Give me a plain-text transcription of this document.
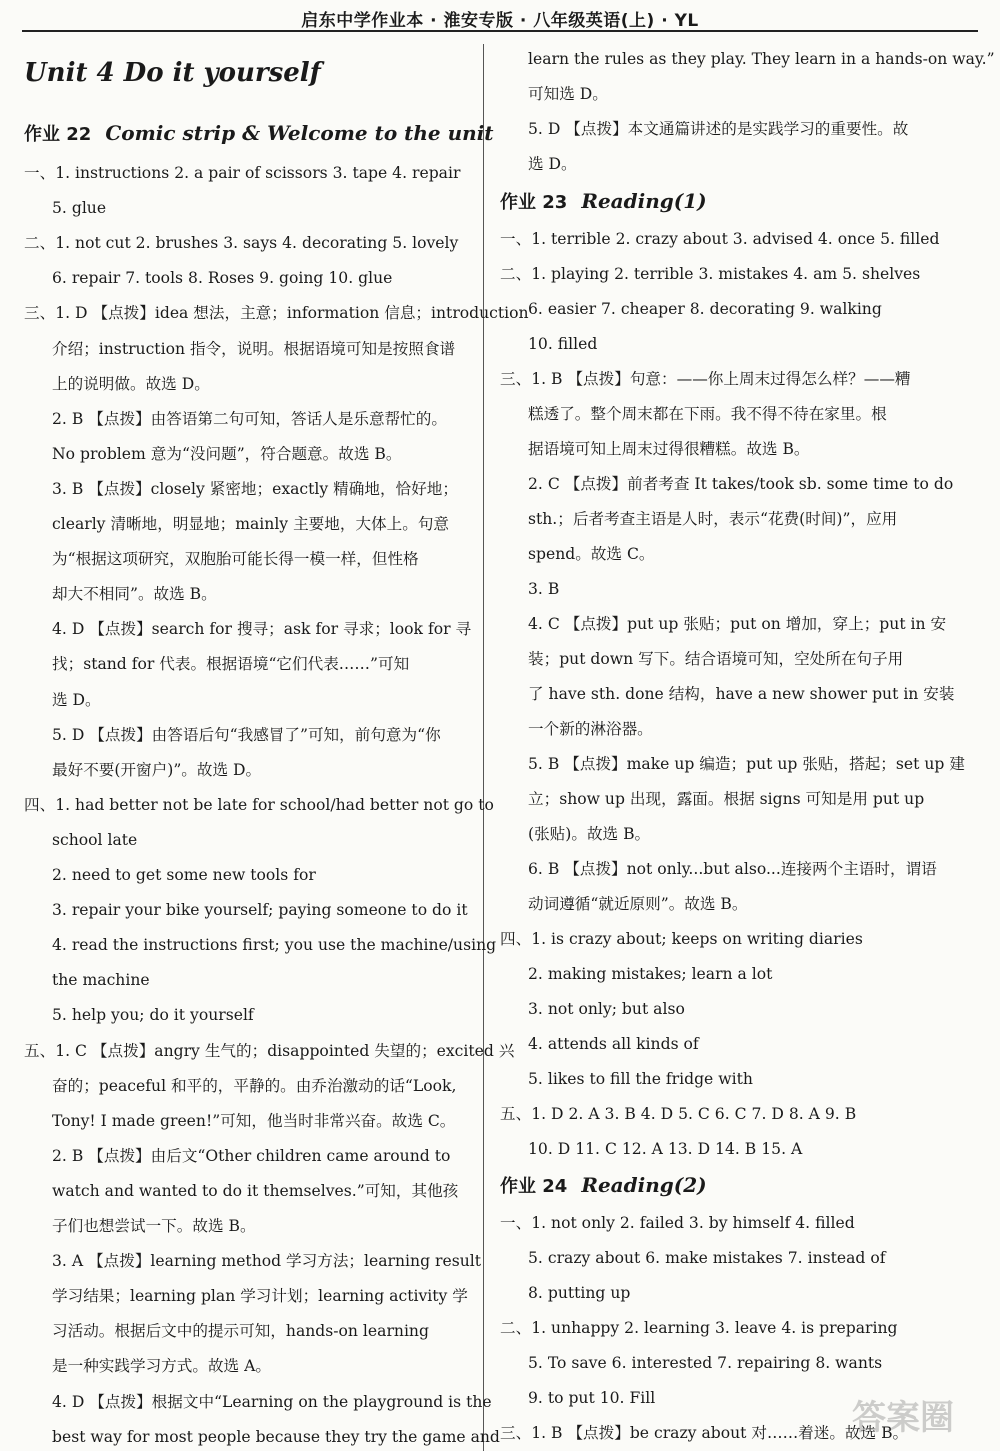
启东中学作业本 · 淮安专版 · 八年级英语(上) · YL
Unit 4 Do it yourself
作业 22 Comic strip & Welcome to the unit
一、1. instructions 2. a pair of scissors 3. tape 4. repair
5. glue
二、1. not cut 2. brushes 3. says 4. decorating 5. lovely
6. repair 7. tools 8. Roses 9. going 10. glue
三、1. D 【点拨】idea 想法，主意；information 信息；introduction
介绍；instruction 指令，说明。根据语境可知是按照食谱
上的说明做。故选 D。
2. B 【点拨】由答语第二句可知，答话人是乐意帮忙的。
No problem 意为“没问题”，符合题意。故选 B。
3. B 【点拨】closely 紧密地；exactly 精确地，恰好地；
clearly 清晰地，明显地；mainly 主要地，大体上。句意
为“根据这项研究，双胞胎可能长得一模一样，但性格
却大不相同”。故选 B。
4. D 【点拨】search for 搜寻；ask for 寻求；look for 寻
找；stand for 代表。根据语境“它们代表……”可知
选 D。
5. D 【点拨】由答语后句“我感冒了”可知，前句意为“你
最好不要(开窗户)”。故选 D。
四、1. had better not be late for school/had better not go to
school late
2. need to get some new tools for
3. repair your bike yourself; paying someone to do it
4. read the instructions first; you use the machine/using
the machine
5. help you; do it yourself
五、1. C 【点拨】angry 生气的；disappointed 失望的；excited 兴
奋的；peaceful 和平的，平静的。由乔治激动的话“Look,
Tony! I made green!”可知，他当时非常兴奋。故选 C。
2. B 【点拨】由后文“Other children came around to
watch and wanted to do it themselves.”可知，其他孩
子们也想尝试一下。故选 B。
3. A 【点拨】learning method 学习方法；learning result
学习结果；learning plan 学习计划；learning activity 学
习活动。根据后文中的提示可知，hands-on learning
是一种实践学习方式。故选 A。
4. D 【点拨】根据文中“Learning on the playground is the
best way for most people because they try the game and
learn the rules as they play. They learn in a hands-on way.”
可知选 D。
5. D 【点拨】本文通篇讲述的是实践学习的重要性。故
选 D。
作业 23 Reading(1)
一、1. terrible 2. crazy about 3. advised 4. once 5. filled
二、1. playing 2. terrible 3. mistakes 4. am 5. shelves
6. easier 7. cheaper 8. decorating 9. walking
10. filled
三、1. B 【点拨】句意：——你上周末过得怎么样？——糟
糕透了。整个周末都在下雨。我不得不待在家里。根
据语境可知上周末过得很糟糕。故选 B。
2. C 【点拨】前者考查 It takes/took sb. some time to do
sth.；后者考查主语是人时，表示“花费(时间)”，应用
spend。故选 C。
3. B
4. C 【点拨】put up 张贴；put on 增加，穿上；put in 安
装；put down 写下。结合语境可知，空处所在句子用
了 have sth. done 结构，have a new shower put in 安装
一个新的淋浴器。
5. B 【点拨】make up 编造；put up 张贴，搭起；set up 建
立；show up 出现，露面。根据 signs 可知是用 put up
(张贴)。故选 B。
6. B 【点拨】not only...but also...连接两个主语时，谓语
动词遵循“就近原则”。故选 B。
四、1. is crazy about; keeps on writing diaries
2. making mistakes; learn a lot
3. not only; but also
4. attends all kinds of
5. likes to fill the fridge with
五、1. D 2. A 3. B 4. D 5. C 6. C 7. D 8. A 9. B
10. D 11. C 12. A 13. D 14. B 15. A
作业 24 Reading(2)
一、1. not only 2. failed 3. by himself 4. filled
5. crazy about 6. make mistakes 7. instead of
8. putting up
二、1. unhappy 2. learning 3. leave 4. is preparing
5. To save 6. interested 7. repairing 8. wants
9. to put 10. Fill
三、1. B 【点拨】be crazy about 对……着迷。故选 B。
答案圈
